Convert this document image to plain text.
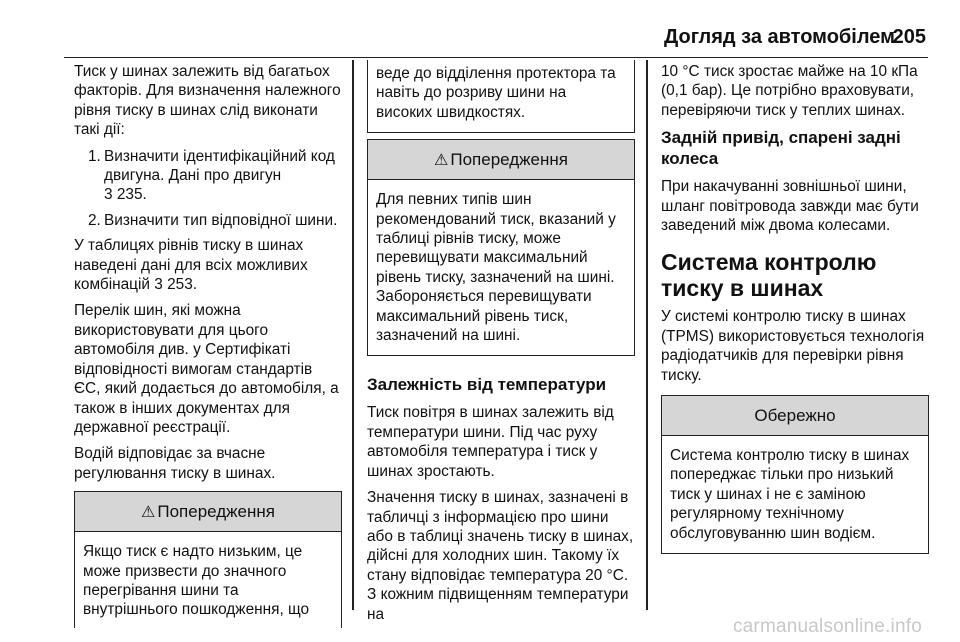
Догляд за автомобілем
205

Тиск у шинах залежить від багатьох факторів. Для визначення належного рівня тиску в шинах слід виконати такі дії:

1. Визначити ідентифікаційний код двигуна. Дані про двигун
3 235.
2. Визначити тип відповідної шини.

У таблицях рівнів тиску в шинах наведені дані для всіх можливих комбінацій 3 253.

Перелік шин, які можна використовувати для цього автомобіля див. у Сертифікаті відповідності вимогам стандартів ЄС, який додається до автомобіля, а також в інших документах для державної реєстрації.

Водій відповідає за вчасне регулювання тиску в шинах.

⚠ Попередження
Якщо тиск є надто низьким, це може призвести до значного перегрівання шини та внутрішнього пошкодження, що
веде до відділення протектора та навіть до розриву шини на високих швидкостях.
⚠ Попередження
Для певних типів шин рекомендований тиск, вказаний у таблиці рівнів тиску, може перевищувати максимальний рівень тиску, зазначений на шині. Забороняється перевищувати максимальний рівень тиск, зазначений на шині.
Залежність від температури

Тиск повітря в шинах залежить від температури шини. Під час руху автомобіля температура і тиск у шинах зростають.

Значення тиску в шинах, зазначені в табличці з інформацією про шини або в таблиці значень тиску в шинах, дійсні для холодних шин. Такому їх стану відповідає температура 20 °C. З кожним підвищенням температури на

10 °C тиск зростає майже на 10 кПа (0,1 бар). Це потрібно враховувати, перевіряючи тиск у теплих шинах.

Задній привід, спарені задні колеса

При накачуванні зовнішньої шини, шланг повітровода завжди має бути заведений між двома колесами.

Система контролю тиску в шинах

У системі контролю тиску в шинах (TPMS) використовується технологія радіодатчиків для перевірки рівня тиску.

Обережно
Система контролю тиску в шинах попереджає тільки про низький тиск у шинах і не є заміною регулярному технічному обслуговуванню шин водієм.
carmanualsonline.info
